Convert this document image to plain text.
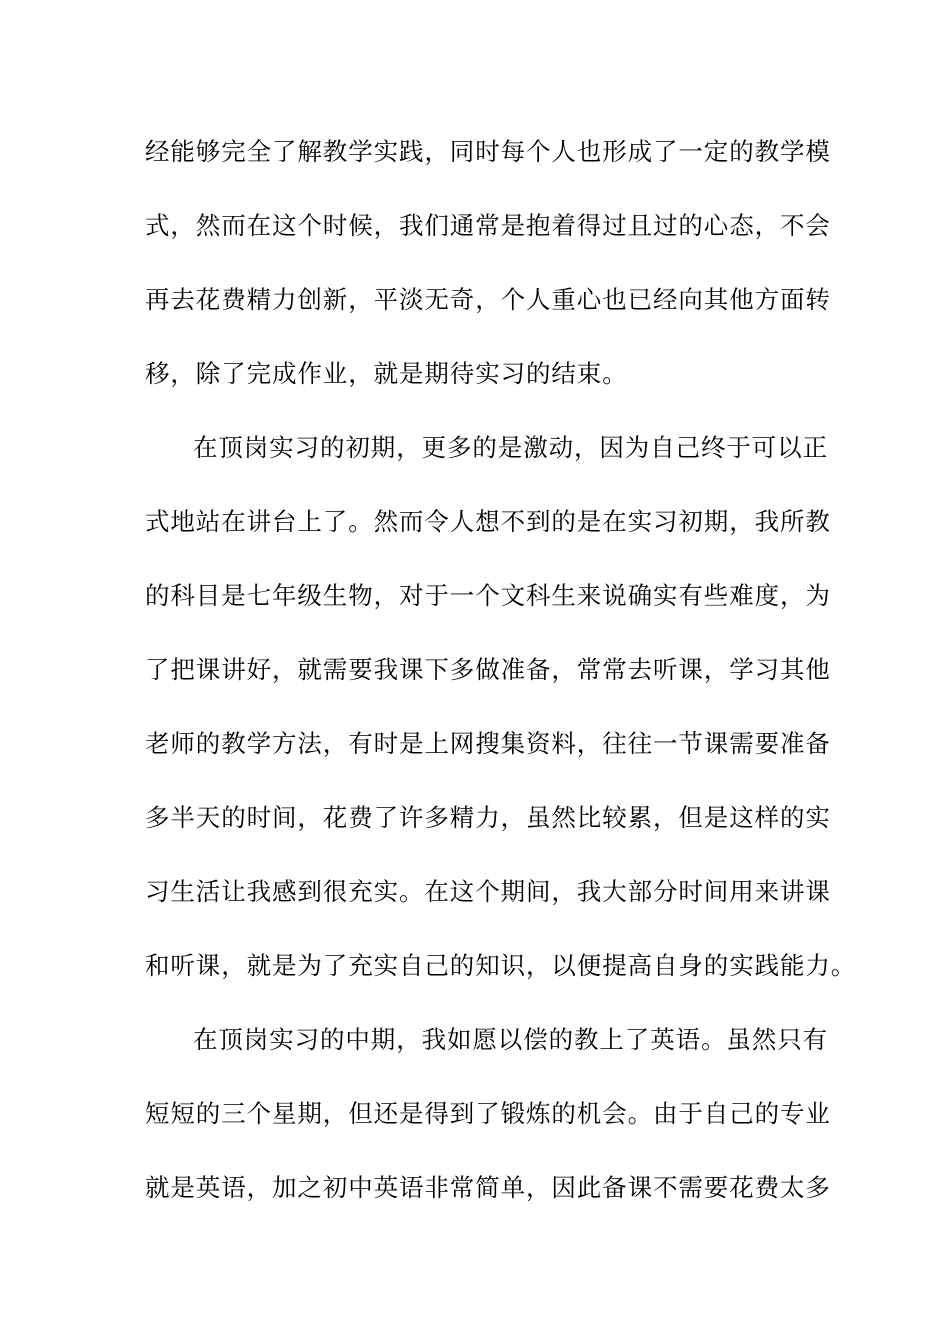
经能够完全了解教学实践，同时每个人也形成了一定的教学模
式，然而在这个时候，我们通常是抱着得过且过的心态，不会
再去花费精力创新，平淡无奇，个人重心也已经向其他方面转
移，除了完成作业，就是期待实习的结束。
在顶岗实习的初期，更多的是激动，因为自己终于可以正
式地站在讲台上了。然而令人想不到的是在实习初期，我所教
的科目是七年级生物，对于一个文科生来说确实有些难度，为
了把课讲好，就需要我课下多做准备，常常去听课，学习其他
老师的教学方法，有时是上网搜集资料，往往一节课需要准备
多半天的时间，花费了许多精力，虽然比较累，但是这样的实
习生活让我感到很充实。在这个期间，我大部分时间用来讲课
和听课，就是为了充实自己的知识，以便提高自身的实践能力。
在顶岗实习的中期，我如愿以偿的教上了英语。虽然只有
短短的三个星期，但还是得到了锻炼的机会。由于自己的专业
就是英语，加之初中英语非常简单，因此备课不需要花费太多
